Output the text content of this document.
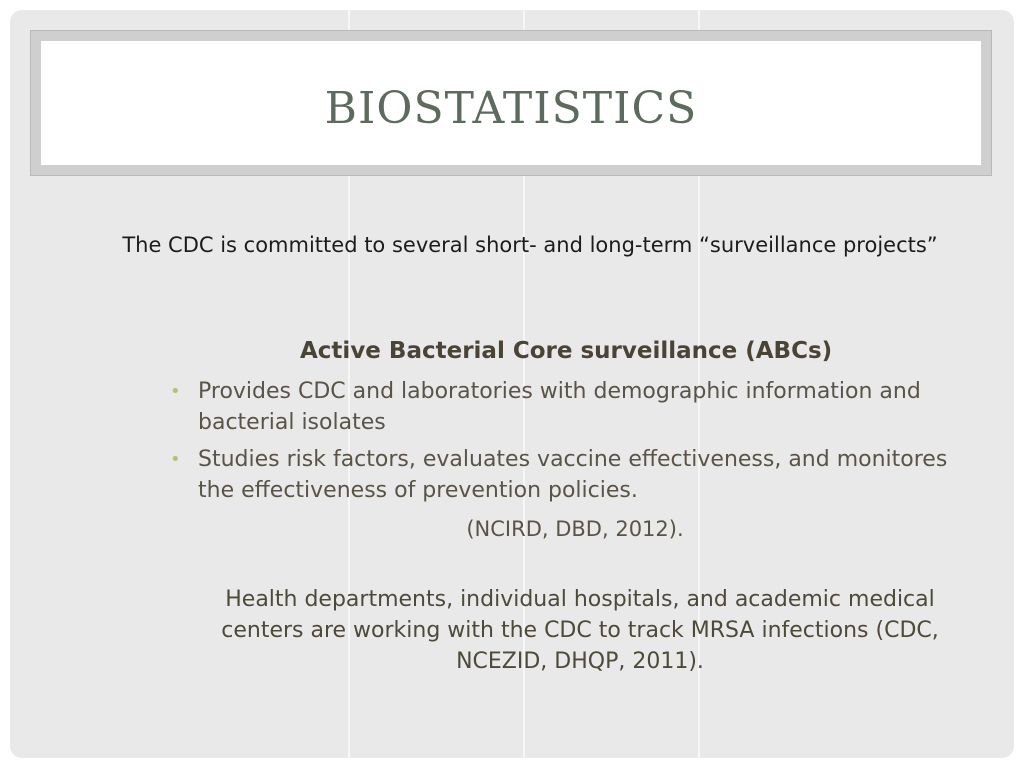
BIOSTATISTICS
The CDC is committed to several short- and long-term “surveillance projects”
Active Bacterial Core surveillance (ABCs)
• Provides CDC and laboratories with demographic information and bacterial isolates
• Studies risk factors, evaluates vaccine effectiveness, and monitores the effectiveness of prevention policies.
(NCIRD, DBD, 2012).
Health departments, individual hospitals, and academic medical centers are working with the CDC to track MRSA infections (CDC, NCEZID, DHQP, 2011).
